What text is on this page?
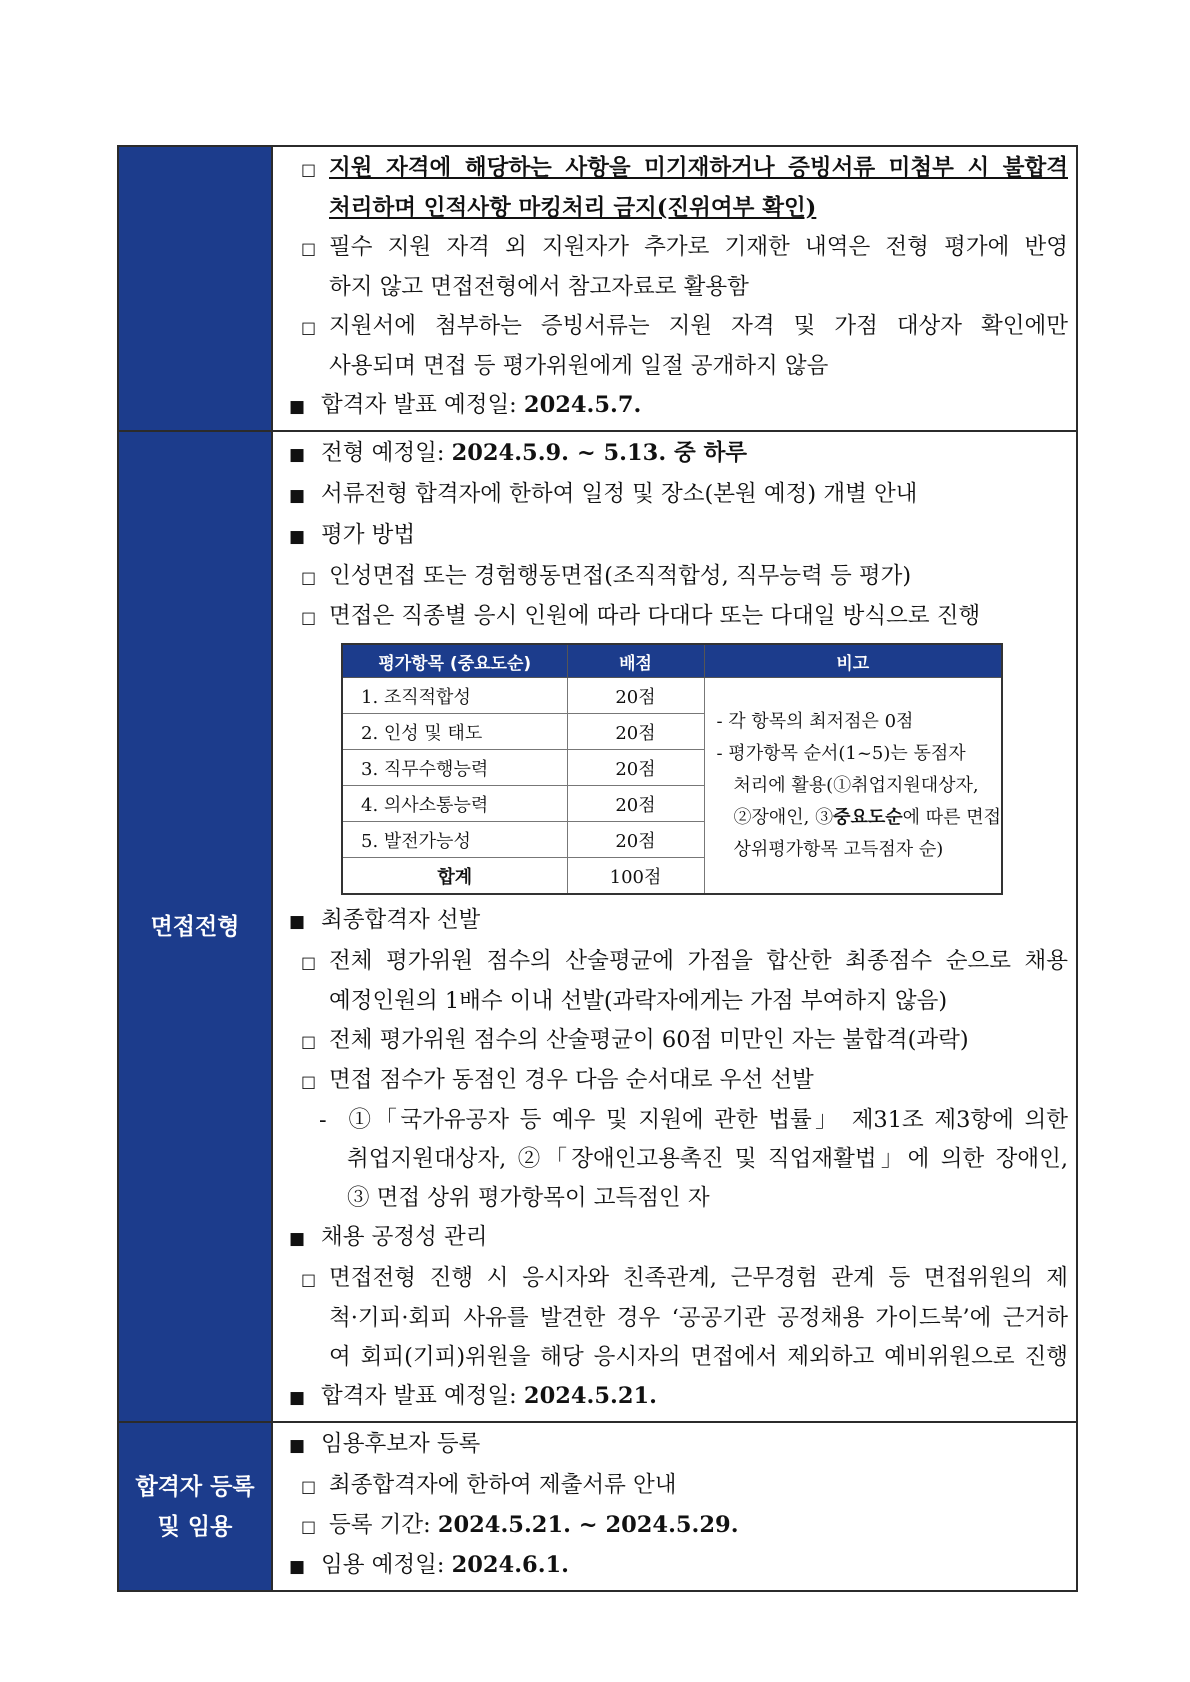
□ 지원 자격에 해당하는 사항을 미기재하거나 증빙서류 미첨부 시 불합격
처리하며 인적사항 마킹처리 금지(진위여부 확인)
□ 필수 지원 자격 외 지원자가 추가로 기재한 내역은 전형 평가에 반영
하지 않고 면접전형에서 참고자료로 활용함
□ 지원서에 첨부하는 증빙서류는 지원 자격 및 가점 대상자 확인에만
사용되며 면접 등 평가위원에게 일절 공개하지 않음
■ 합격자 발표 예정일: 2024.5.7.

면접전형	
■ 전형 예정일: 2024.5.9. ~ 5.13. 중 하루
■ 서류전형 합격자에 한하여 일정 및 장소(본원 예정) 개별 안내
■ 평가 방법
□ 인성면접 또는 경험행동면접(조직적합성, 직무능력 등 평가)
□ 면접은 직종별 응시 인원에 따라 다대다 또는 다대일 방식으로 진행
평가항목 (중요도순)	배점	비고
1. 조직적합성	20점	
- 각 항목의 최저점은 0점
- 평가항목 순서(1~5)는 동점자
처리에 활용(①취업지원대상자,
②장애인, ③중요도순에 따른 면접
상위평가항목 고득점자 순)

2. 인성 및 태도	20점
3. 직무수행능력	20점
4. 의사소통능력	20점
5. 발전가능성	20점
합계	100점
■ 최종합격자 선발
□ 전체 평가위원 점수의 산술평균에 가점을 합산한 최종점수 순으로 채용
예정인원의 1배수 이내 선발(과락자에게는 가점 부여하지 않음)
□ 전체 평가위원 점수의 산술평균이 60점 미만인 자는 불합격(과락)
□ 면접 점수가 동점인 경우 다음 순서대로 우선 선발
- ①「국가유공자 등 예우 및 지원에 관한 법률」 제31조 제3항에 의한
취업지원대상자, ②「장애인고용촉진 및 직업재활법」에 의한 장애인,
③ 면접 상위 평가항목이 고득점인 자
■ 채용 공정성 관리
□ 면접전형 진행 시 응시자와 친족관계, 근무경험 관계 등 면접위원의 제
척·기피·회피 사유를 발견한 경우 ‘공공기관 공정채용 가이드북’에 근거하
여 회피(기피)위원을 해당 응시자의 면접에서 제외하고 예비위원으로 진행
■ 합격자 발표 예정일: 2024.5.21.

합격자 등록
및 임용

■ 임용후보자 등록
□ 최종합격자에 한하여 제출서류 안내
□ 등록 기간: 2024.5.21. ~ 2024.5.29.
■ 임용 예정일: 2024.6.1.
